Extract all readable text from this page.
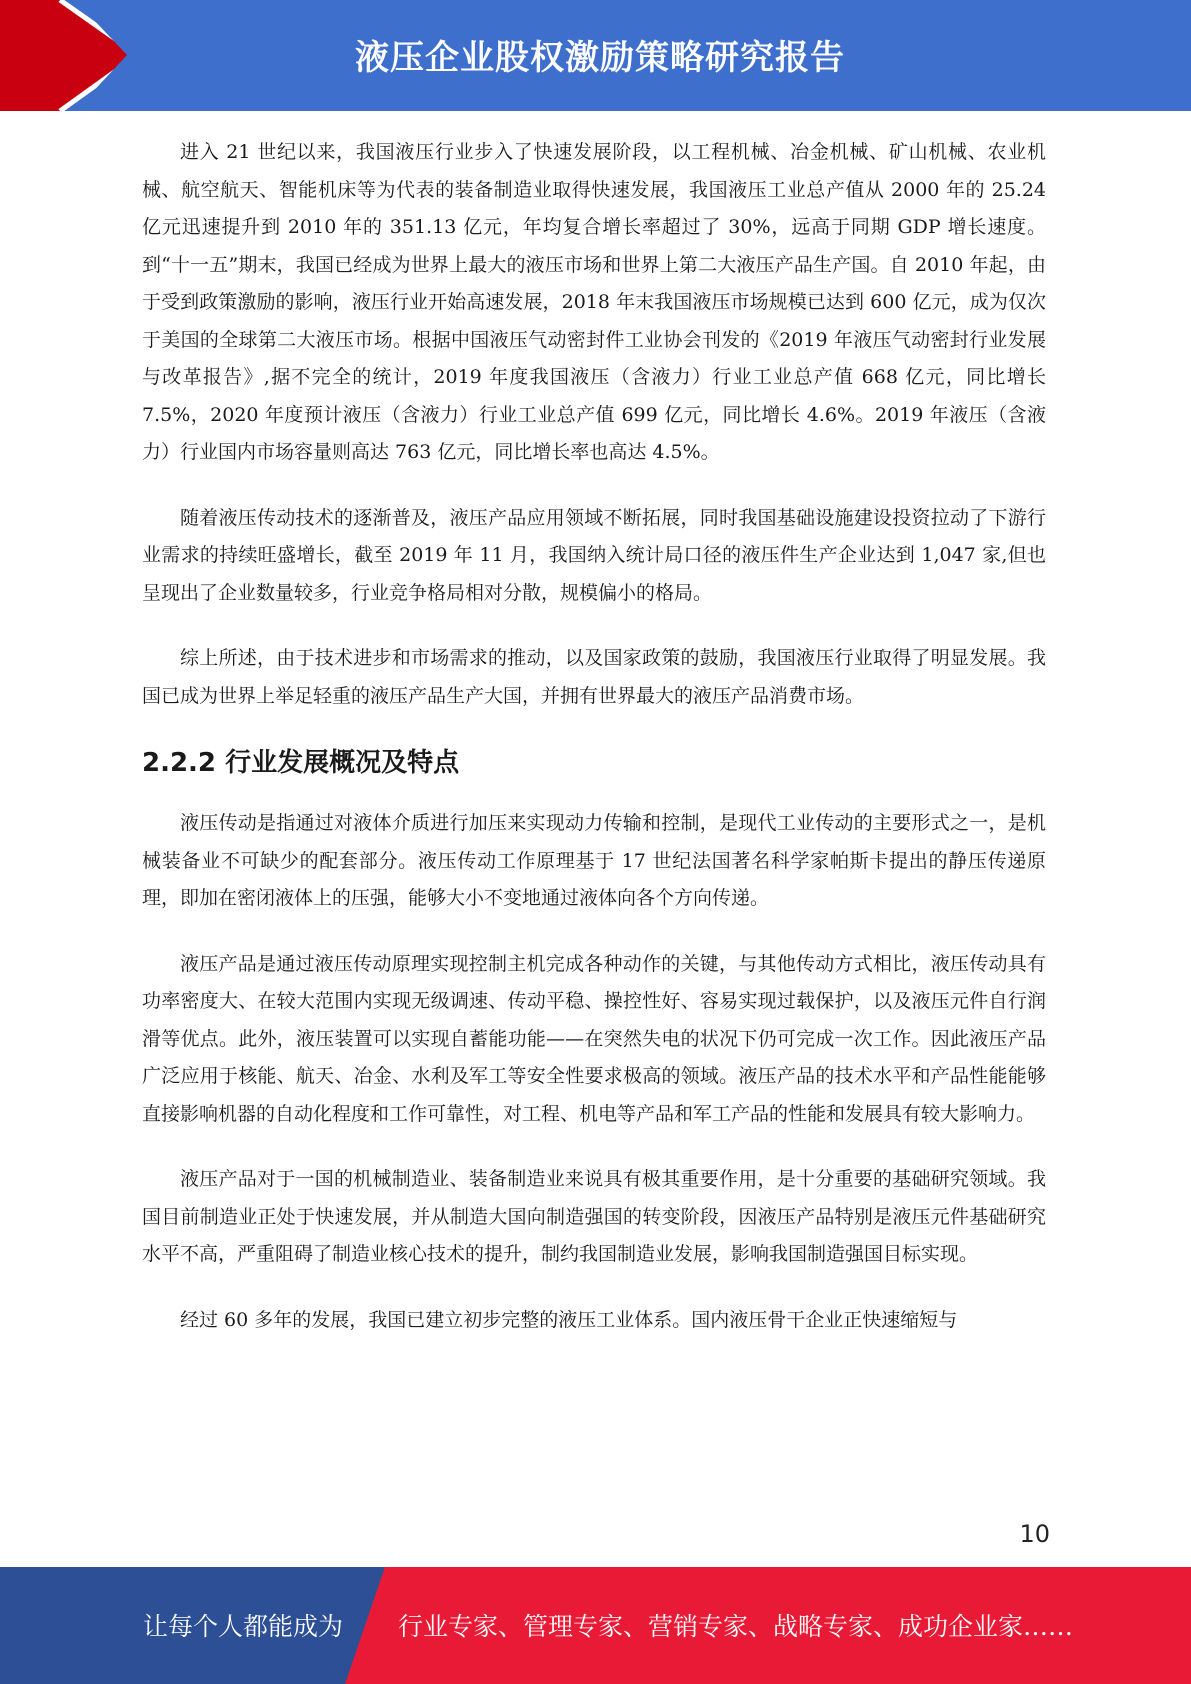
液压企业股权激励策略研究报告

进入 21 世纪以来，我国液压行业步入了快速发展阶段，以工程机械、冶金机械、矿山机械、农业机械、航空航天、智能机床等为代表的装备制造业取得快速发展，我国液压工业总产值从 2000 年的 25.24 亿元迅速提升到 2010 年的 351.13 亿元，年均复合增长率超过了 30%，远高于同期 GDP 增长速度。到“十一五”期末，我国已经成为世界上最大的液压市场和世界上第二大液压产品生产国。自 2010 年起，由于受到政策激励的影响，液压行业开始高速发展，2018 年末我国液压市场规模已达到 600 亿元，成为仅次于美国的全球第二大液压市场。根据中国液压气动密封件工业协会刊发的《2019 年液压气动密封行业发展与改革报告》,据不完全的统计，2019 年度我国液压（含液力）行业工业总产值 668 亿元，同比增长 7.5%，2020 年度预计液压（含液力）行业工业总产值 699 亿元，同比增长 4.6%。2019 年液压（含液力）行业国内市场容量则高达 763 亿元，同比增长率也高达 4.5%。

随着液压传动技术的逐渐普及，液压产品应用领域不断拓展，同时我国基础设施建设投资拉动了下游行业需求的持续旺盛增长，截至 2019 年 11 月，我国纳入统计局口径的液压件生产企业达到 1,047 家,但也呈现出了企业数量较多，行业竞争格局相对分散，规模偏小的格局。

综上所述，由于技术进步和市场需求的推动，以及国家政策的鼓励，我国液压行业取得了明显发展。我国已成为世界上举足轻重的液压产品生产大国，并拥有世界最大的液压产品消费市场。

2.2.2 行业发展概况及特点

液压传动是指通过对液体介质进行加压来实现动力传输和控制，是现代工业传动的主要形式之一，是机械装备业不可缺少的配套部分。液压传动工作原理基于 17 世纪法国著名科学家帕斯卡提出的静压传递原理，即加在密闭液体上的压强，能够大小不变地通过液体向各个方向传递。

液压产品是通过液压传动原理实现控制主机完成各种动作的关键，与其他传动方式相比，液压传动具有功率密度大、在较大范围内实现无级调速、传动平稳、操控性好、容易实现过载保护，以及液压元件自行润滑等优点。此外，液压装置可以实现自蓄能功能——在突然失电的状况下仍可完成一次工作。因此液压产品广泛应用于核能、航天、冶金、水利及军工等安全性要求极高的领域。液压产品的技术水平和产品性能能够直接影响机器的自动化程度和工作可靠性，对工程、机电等产品和军工产品的性能和发展具有较大影响力。

液压产品对于一国的机械制造业、装备制造业来说具有极其重要作用，是十分重要的基础研究领域。我国目前制造业正处于快速发展，并从制造大国向制造强国的转变阶段，因液压产品特别是液压元件基础研究水平不高，严重阻碍了制造业核心技术的提升，制约我国制造业发展，影响我国制造强国目标实现。

经过 60 多年的发展，我国已建立初步完整的液压工业体系。国内液压骨干企业正快速缩短与

10
让每个人都能成为 行业专家、管理专家、营销专家、战略专家、成功企业家……
